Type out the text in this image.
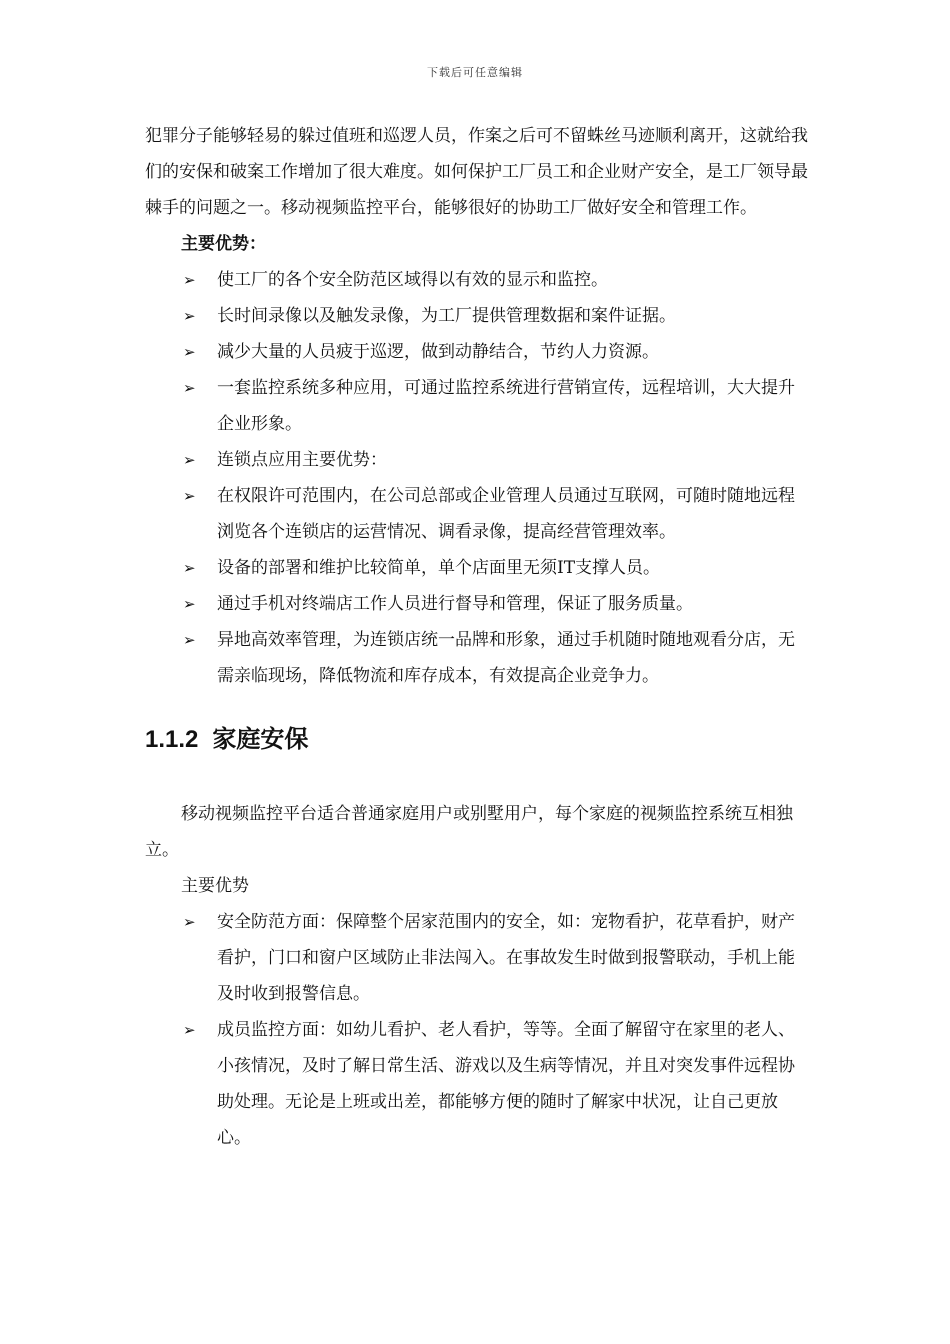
下载后可任意编辑

犯罪分子能够轻易的躲过值班和巡逻人员，作案之后可不留蛛丝马迹顺利离开，这就给我们的安保和破案工作增加了很大难度。如何保护工厂员工和企业财产安全，是工厂领导最棘手的问题之一。移动视频监控平台，能够很好的协助工厂做好安全和管理工作。

主要优势：

➢ 使工厂的各个安全防范区域得以有效的显示和监控。
➢ 长时间录像以及触发录像，为工厂提供管理数据和案件证据。
➢ 减少大量的人员疲于巡逻，做到动静结合，节约人力资源。
➢ 一套监控系统多种应用，可通过监控系统进行营销宣传，远程培训，大大提升企业形象。
➢ 连锁点应用主要优势：
➢ 在权限许可范围内，在公司总部或企业管理人员通过互联网，可随时随地远程浏览各个连锁店的运营情况、调看录像，提高经营管理效率。
➢ 设备的部署和维护比较简单，单个店面里无须IT支撑人员。
➢ 通过手机对终端店工作人员进行督导和管理，保证了服务质量。
➢ 异地高效率管理，为连锁店统一品牌和形象，通过手机随时随地观看分店，无需亲临现场，降低物流和库存成本，有效提高企业竞争力。
1.1.2 家庭安保

移动视频监控平台适合普通家庭用户或别墅用户，每个家庭的视频监控系统互相独立。

主要优势

➢ 安全防范方面：保障整个居家范围内的安全，如：宠物看护，花草看护，财产看护，门口和窗户区域防止非法闯入。在事故发生时做到报警联动，手机上能及时收到报警信息。
➢ 成员监控方面：如幼儿看护、老人看护，等等。全面了解留守在家里的老人、小孩情况，及时了解日常生活、游戏以及生病等情况，并且对突发事件远程协助处理。无论是上班或出差，都能够方便的随时了解家中状况，让自己更放心。
